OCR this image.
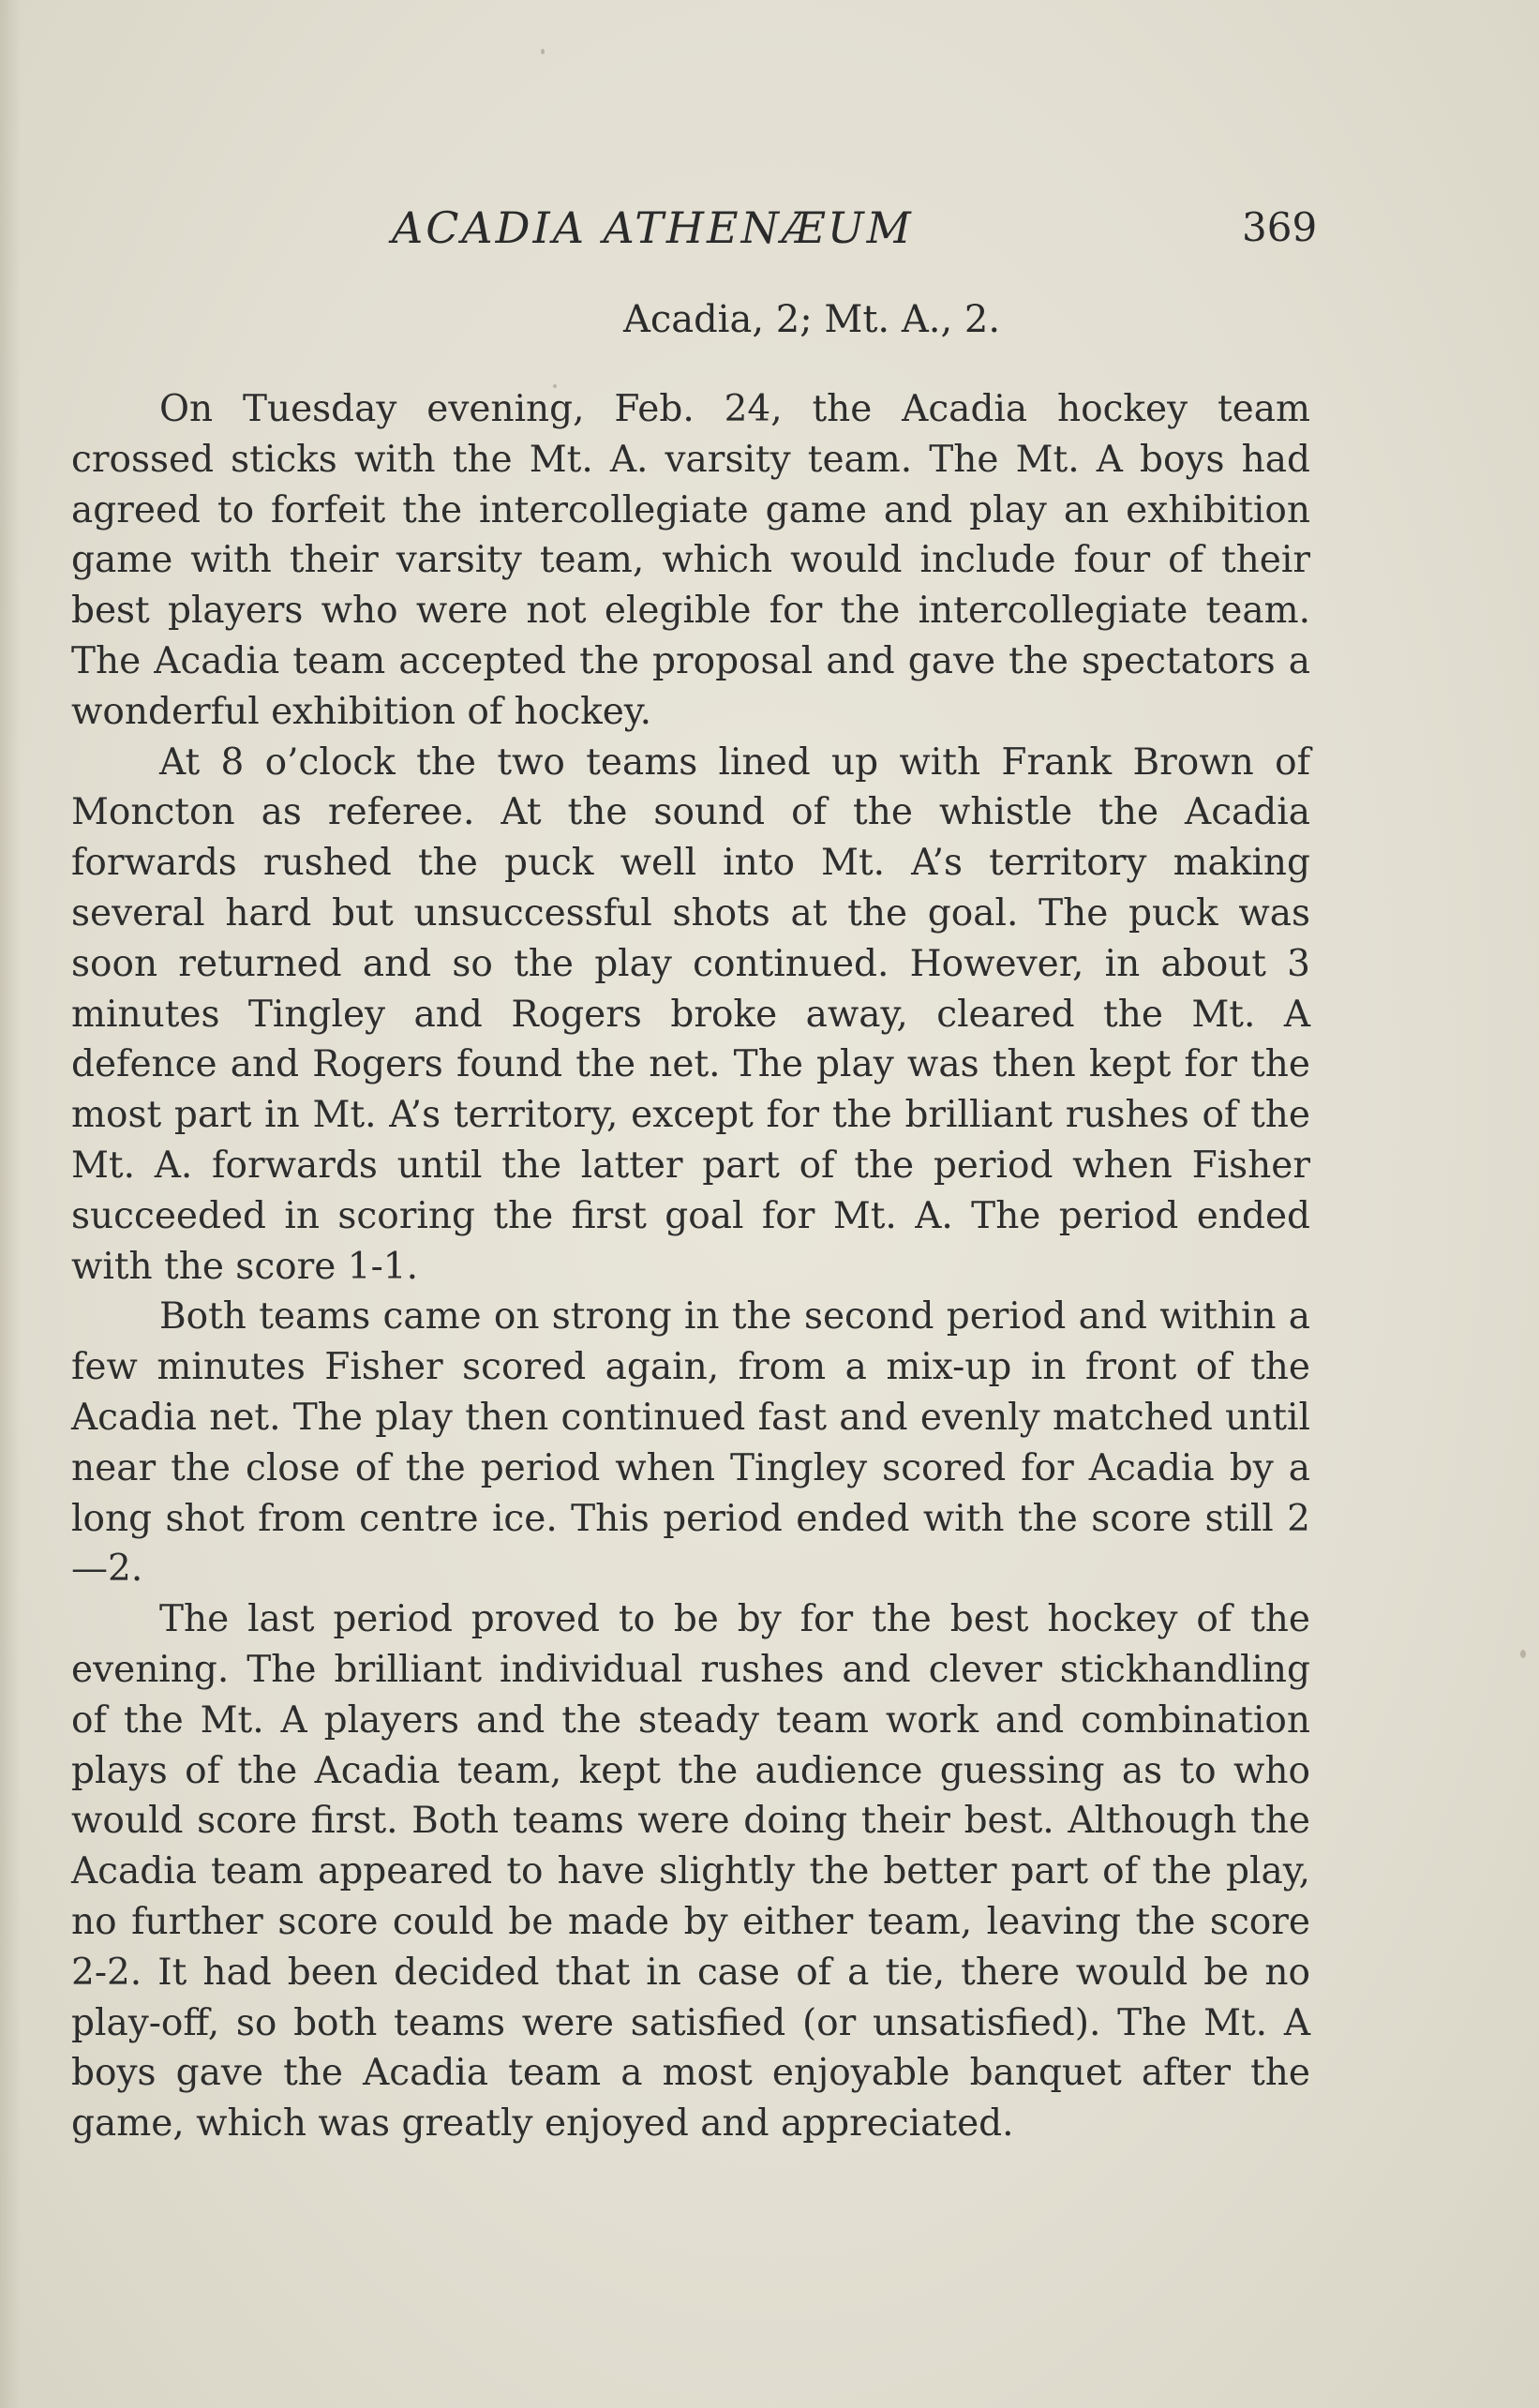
ACADIA ATHENÆUM	369
Acadia, 2; Mt. A., 2.

On Tuesday evening, Feb. 24, the Acadia hockey team crossed sticks with the Mt. A. varsity team. The Mt. A boys had agreed to forfeit the intercollegiate game and play an exhibition game with their varsity team, which would include four of their best players who were not elegible for the intercollegiate team. The Acadia team accepted the proposal and gave the spectators a wonderful exhibition of hockey.

At 8 o’clock the two teams lined up with Frank Brown of Moncton as referee. At the sound of the whistle the Acadia forwards rushed the puck well into Mt. A’s territory making several hard but unsuccessful shots at the goal. The puck was soon returned and so the play continued. However, in about 3 minutes Tingley and Rogers broke away, cleared the Mt. A defence and Rogers found the net. The play was then kept for the most part in Mt. A’s territory, except for the brilliant rushes of the Mt. A. forwards until the latter part of the period when Fisher succeeded in scoring the first goal for Mt. A. The period ended with the score 1-1.

Both teams came on strong in the second period and within a few minutes Fisher scored again, from a mix-up in front of the Acadia net. The play then continued fast and evenly matched until near the close of the period when Tingley scored for Acadia by a long shot from centre ice. This period ended with the score still 2—2.

The last period proved to be by for the best hockey of the evening. The brilliant individual rushes and clever stickhandling of the Mt. A players and the steady team work and combination plays of the Acadia team, kept the audience guessing as to who would score first. Both teams were doing their best. Although the Acadia team appeared to have slightly the better part of the play, no further score could be made by either team, leaving the score 2-2. It had been decided that in case of a tie, there would be no play-off, so both teams were satisfied (or unsatisfied). The Mt. A boys gave the Acadia team a most enjoyable banquet after the game, which was greatly enjoyed and appreciated.
